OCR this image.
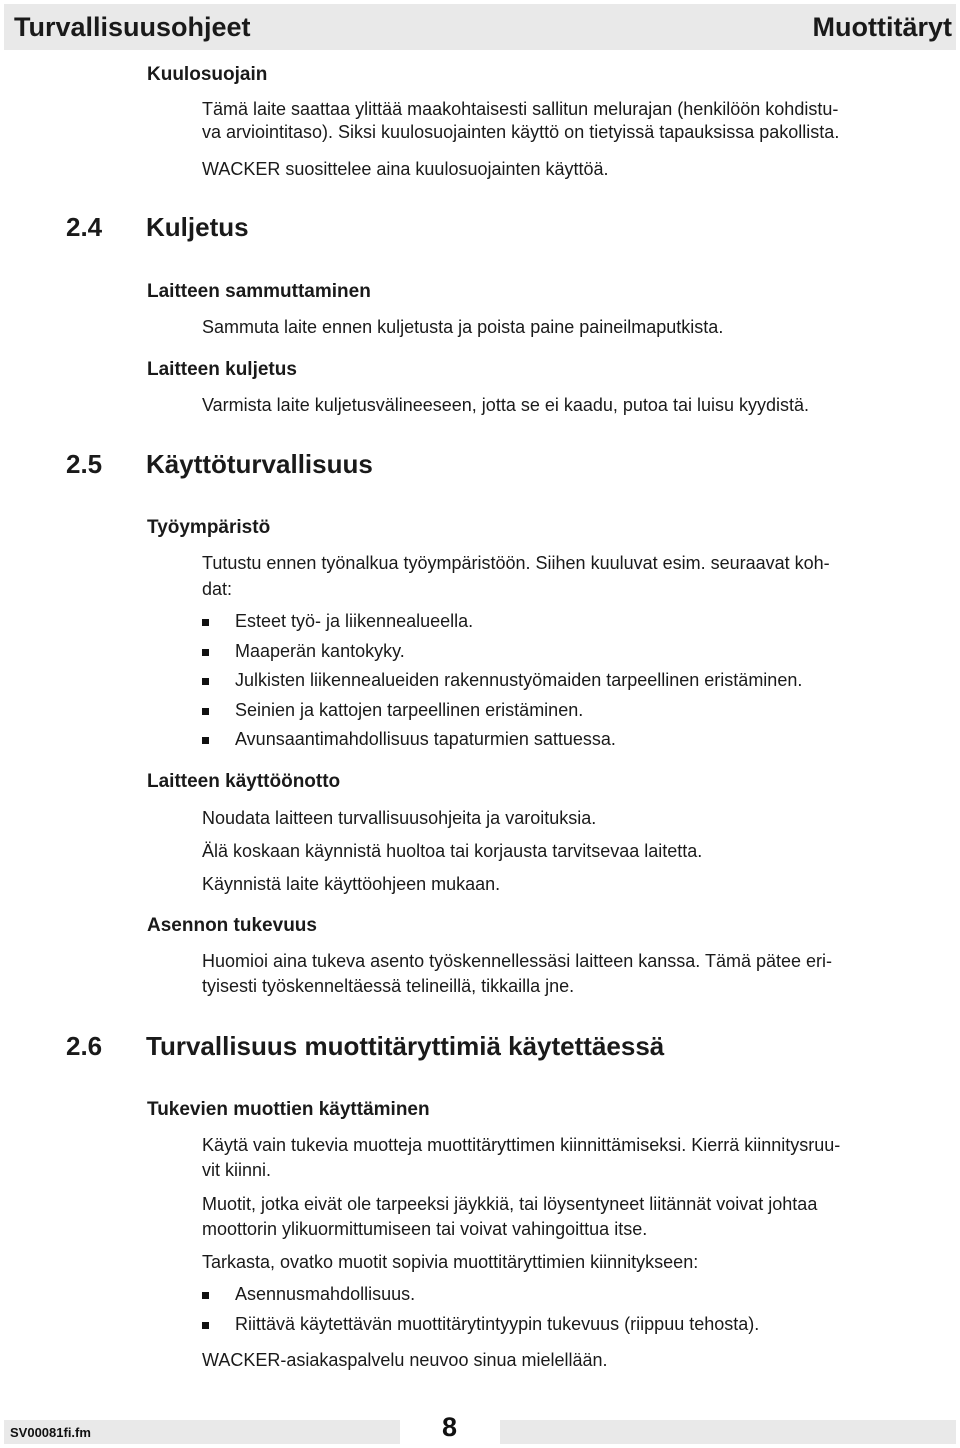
Turvallisuusohjeet	Muottitäryt
Kuulosuojain
Tämä laite saattaa ylittää maakohtaisesti sallitun melurajan (henkilöön kohdistu-
va arviointitaso). Siksi kuulosuojainten käyttö on tietyissä tapauksissa pakollista.
WACKER suosittelee aina kuulosuojainten käyttöä.
2.4 Kuljetus
Laitteen sammuttaminen
Sammuta laite ennen kuljetusta ja poista paine paineilmaputkista.
Laitteen kuljetus
Varmista laite kuljetusvälineeseen, jotta se ei kaadu, putoa tai luisu kyydistä.
2.5 Käyttöturvallisuus
Työympäristö
Tutustu ennen työnalkua työympäristöön. Siihen kuuluvat esim. seuraavat koh-
dat:
Esteet työ- ja liikennealueella.
Maaperän kantokyky.
Julkisten liikennealueiden rakennustyömaiden tarpeellinen eristäminen.
Seinien ja kattojen tarpeellinen eristäminen.
Avunsaantimahdollisuus tapaturmien sattuessa.
Laitteen käyttöönotto
Noudata laitteen turvallisuusohjeita ja varoituksia.
Älä koskaan käynnistä huoltoa tai korjausta tarvitsevaa laitetta.
Käynnistä laite käyttöohjeen mukaan.
Asennon tukevuus
Huomioi aina tukeva asento työskennellessäsi laitteen kanssa. Tämä pätee eri-
tyisesti työskenneltäessä telineillä, tikkailla jne.
2.6 Turvallisuus muottitäryttimiä käytettäessä
Tukevien muottien käyttäminen
Käytä vain tukevia muotteja muottitäryttimen kiinnittämiseksi. Kierrä kiinnitysruu-
vit kiinni.
Muotit, jotka eivät ole tarpeeksi jäykkiä, tai löysentyneet liitännät voivat johtaa
moottorin ylikuormittumiseen tai voivat vahingoittua itse.
Tarkasta, ovatko muotit sopivia muottitäryttimien kiinnitykseen:
Asennusmahdollisuus.
Riittävä käytettävän muottitärytintyypin tukevuus (riippuu tehosta).
WACKER-asiakaspalvelu neuvoo sinua mielellään.
SV00081fi.fm	8
